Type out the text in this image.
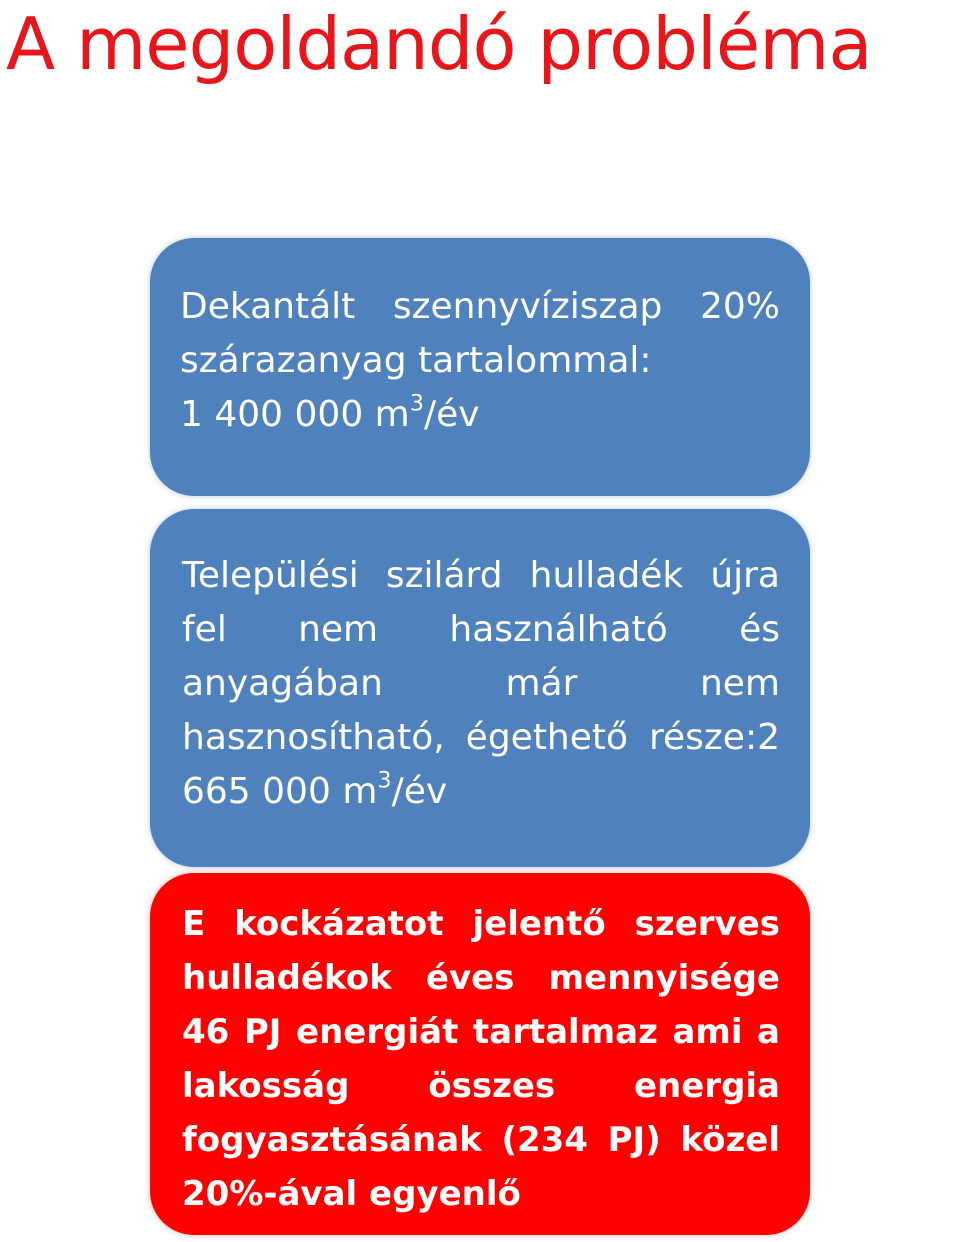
A megoldandó probléma

Dekantált szennyvíziszap 20% szárazanyag tartalommal:
1 400 000 $m^3/év$

Települési szilárd hulladék újra fel nem használható és anyagában már nem hasznosítható, égethető része:2 665 000 $m^3/év$

E kockázatot jelentő szerves hulladékok éves mennyisége 46 PJ energiát tartalmaz ami a lakosság összes energia fogyasztásának (234 PJ) közel 20%-ával egyenlő
